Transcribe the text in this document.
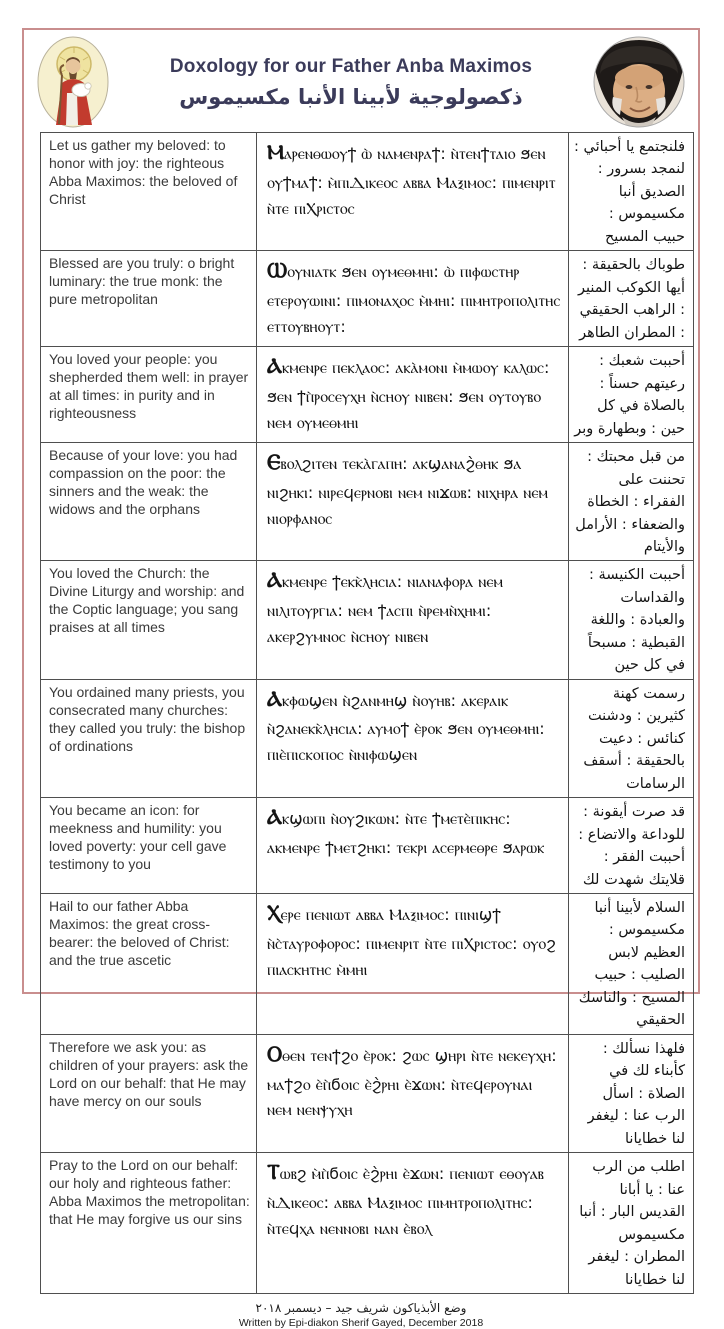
Doxology for our Father Anba Maximos
ذكصولوجية لأبينا الأنبا مكسيموس
Let us gather my beloved: to honor with joy: the righteous Abba Maximos: the beloved of Christ	Ⲙⲁⲣⲉⲛⲑⲱⲟⲩϯ ⲱ̀ ⲛⲁⲙⲉⲛⲣⲁϯ: ⲛ̀ⲧⲉⲛϯⲧⲁⲓⲟ ϧⲉⲛ ⲟⲩϯⲙⲁϯ: ⲙ̀ⲡⲓⲆⲓⲕⲉⲟⲥ ⲁⲃⲃⲁ Ⲙⲁⲝⲓⲙⲟⲥ: ⲡⲓⲙⲉⲛⲣⲓⲧ ⲛ̀ⲧⲉ ⲡⲓⲬⲣⲓⲥⲧⲟⲥ	فلنجتمع يا أحبائي : لنمجد بسرور : الصديق أنبا مكسيموس : حبيب المسيح
Blessed are you truly: o bright luminary: the true monk: the pure metropolitan	Ⲱⲟⲩⲛⲓⲁⲧⲕ ϧⲉⲛ ⲟⲩⲙⲉⲑⲙⲏⲓ: ⲱ̀ ⲡⲓⲫⲱⲥⲧⲏⲣ ⲉⲧⲉⲣⲟⲩⲱⲓⲛⲓ: ⲡⲓⲙⲟⲛⲁⲭⲟⲥ ⲙ̀ⲙⲏⲓ: ⲡⲓⲙⲏⲧⲣⲟⲡⲟⲗⲓⲧⲏⲥ ⲉⲧⲧⲟⲩⲃⲏⲟⲩⲧ:	طوباك بالحقيقة : أيها الكوكب المنير : الراهب الحقيقي : المطران الطاهر
You loved your people: you shepherded them well: in prayer at all times: in purity and in righteousness	Ⲁⲕⲙⲉⲛⲣⲉ ⲡⲉⲕⲗⲁⲟⲥ: ⲁⲕⲁ̀ⲙⲟⲛⲓ ⲙ̀ⲙⲱⲟⲩ ⲕⲁⲗⲱⲥ: ϧⲉⲛ ϯⲡ̀ⲣⲟⲥⲉⲩⲭⲏ ⲛ̀ⲥⲏⲟⲩ ⲛⲓⲃⲉⲛ: ϧⲉⲛ ⲟⲩⲧⲟⲩⲃⲟ ⲛⲉⲙ ⲟⲩⲙⲉⲑⲙⲏⲓ	أحببت شعبك : رعيتهم حسناً : بالصلاة في كل حين : وبطهارة وبر
Because of your love: you had compassion on the poor: the sinners and the weak: the widows and the orphans	Ⲉⲃⲟⲗϩⲓⲧⲉⲛ ⲧⲉⲕⲁ̀ⲅⲁⲡⲏ: ⲁⲕϣⲁⲛⲁϩ̀ⲑⲏⲕ ϧⲁ ⲛⲓϩⲏⲕⲓ: ⲛⲓⲣⲉϥⲉⲣⲛⲟⲃⲓ ⲛⲉⲙ ⲛⲓϫⲱⲃ: ⲛⲓⲭⲏⲣⲁ ⲛⲉⲙ ⲛⲓⲟⲣⲫⲁⲛⲟⲥ	من قبل محبتك : تحننت على الفقراء : الخطاة والضعفاء : الأرامل والأيتام
You loved the Church: the Divine Liturgy and worship: and the Coptic language; you sang praises at all times	Ⲁⲕⲙⲉⲛⲣⲉ ϯⲉⲕⲕ̀ⲗⲏⲥⲓⲁ: ⲛⲓⲁⲛⲁⲫⲟⲣⲁ ⲛⲉⲙ ⲛⲓⲗⲓⲧⲟⲩⲣⲅⲓⲁ: ⲛⲉⲙ ϯⲁⲥⲡⲓ ⲛ̀ⲣⲉⲙⲛ̀ⲭⲏⲙⲓ: ⲁⲕⲉⲣϩⲩⲙⲛⲟⲥ ⲛ̀ⲥⲏⲟⲩ ⲛⲓⲃⲉⲛ	أحببت الكنيسة : والقداسات والعبادة : واللغة القبطية : مسبحاً في كل حين
You ordained many priests, you consecrated many churches: they called you truly: the bishop of ordinations	Ⲁⲕⲫⲱϣⲉⲛ ⲛ̀ϩⲁⲛⲙⲏϣ ⲛ̀ⲟⲩⲏⲃ: ⲁⲕⲉⲣⲁⲓⲕ ⲛ̀ϩⲁⲛⲉⲕⲕ̀ⲗⲏⲥⲓⲁ: ⲁⲩⲙⲟϯ ⲉ̀ⲣⲟⲕ ϧⲉⲛ ⲟⲩⲙⲉⲑⲙⲏⲓ: ⲡⲓⲉ̀ⲡⲓⲥⲕⲟⲡⲟⲥ ⲛ̀ⲛⲓⲫⲱϣⲉⲛ	رسمت كهنة كثيرين : ودشنت كنائس : دعيت بالحقيقة : أسقف الرسامات
You became an icon: for meekness and humility: you loved poverty: your cell gave testimony to you	Ⲁⲕϣⲱⲡⲓ ⲛ̀ⲟⲩϩⲓⲕⲱⲛ: ⲛ̀ⲧⲉ ϯⲙⲉⲧⲉ̀ⲡⲓⲕⲏⲥ: ⲁⲕⲙⲉⲛⲣⲉ ϯⲙⲉⲧϩⲏⲕⲓ: ⲧⲉⲕⲣⲓ ⲁⲥⲉⲣⲙⲉⲑⲣⲉ ϧⲁⲣⲱⲕ	قد صرت أيقونة : للوداعة والاتضاع : أحببت الفقر : قلايتك شهدت لك
Hail to our father Abba Maximos: the great cross-bearer: the beloved of Christ: and the true ascetic	Ⲭⲉⲣⲉ ⲡⲉⲛⲓⲱⲧ ⲁⲃⲃⲁ Ⲙⲁⲝⲓⲙⲟⲥ: ⲡⲓⲛⲓϣϯ ⲛ̀ⲥ̀ⲧⲁⲩⲣⲟⲫⲟⲣⲟⲥ: ⲡⲓⲙⲉⲛⲣⲓⲧ ⲛ̀ⲧⲉ ⲡⲓⲬⲣⲓⲥⲧⲟⲥ: ⲟⲩⲟϩ ⲡⲓⲁⲥⲕⲏⲧⲏⲥ ⲙ̀ⲙⲏⲓ	السلام لأبينا أنبا مكسيموس : العظيم لابس الصليب : حبيب المسيح : والناسك الحقيقي
Therefore we ask you: as children of your prayers: ask the Lord on our behalf: that He may have mercy on our souls	Ⲟⲑⲉⲛ ⲧⲉⲛϯϩⲟ ⲉ̀ⲣⲟⲕ: ϩⲱⲥ ϣⲏⲣⲓ ⲛ̀ⲧⲉ ⲛⲉⲕⲉⲩⲭⲏ: ⲙⲁϯϩⲟ ⲉ̀ⲡ̀ϭⲟⲓⲥ ⲉ̀ϩ̀ⲣⲏⲓ ⲉ̀ϫⲱⲛ: ⲛ̀ⲧⲉϥⲉⲣⲟⲩⲛⲁⲓ ⲛⲉⲙ ⲛⲉⲛⲯⲩⲭⲏ	فلهذا نسألك : كأبناء لك في الصلاة : اسأل الرب عنا : ليغفر لنا خطايانا
Pray to the Lord on our behalf: our holy and righteous father: Abba Maximos the metropolitan: that He may forgive us our sins	Ⲧⲱⲃϩ ⲙ̀ⲡ̀ϭⲟⲓⲥ ⲉ̀ϩ̀ⲣⲏⲓ ⲉ̀ϫⲱⲛ: ⲡⲉⲛⲓⲱⲧ ⲉⲑⲟⲩⲁⲃ ⲛ̀Ⲇⲓⲕⲉⲟⲥ: ⲁⲃⲃⲁ Ⲙⲁⲝⲓⲙⲟⲥ ⲡⲓⲙⲏⲧⲣⲟⲡⲟⲗⲓⲧⲏⲥ: ⲛ̀ⲧⲉϥⲭⲁ ⲛⲉⲛⲛⲟⲃⲓ ⲛⲁⲛ ⲉ̀ⲃⲟⲗ	اطلب من الرب عنا : يا أبانا القديس البار : أنبا مكسيموس المطران : ليغفر لنا خطايانا
وضع الأبذياكون شريف جيد – ديسمبر ٢٠١٨
Written by Epi-diakon Sherif Gayed, December 2018
